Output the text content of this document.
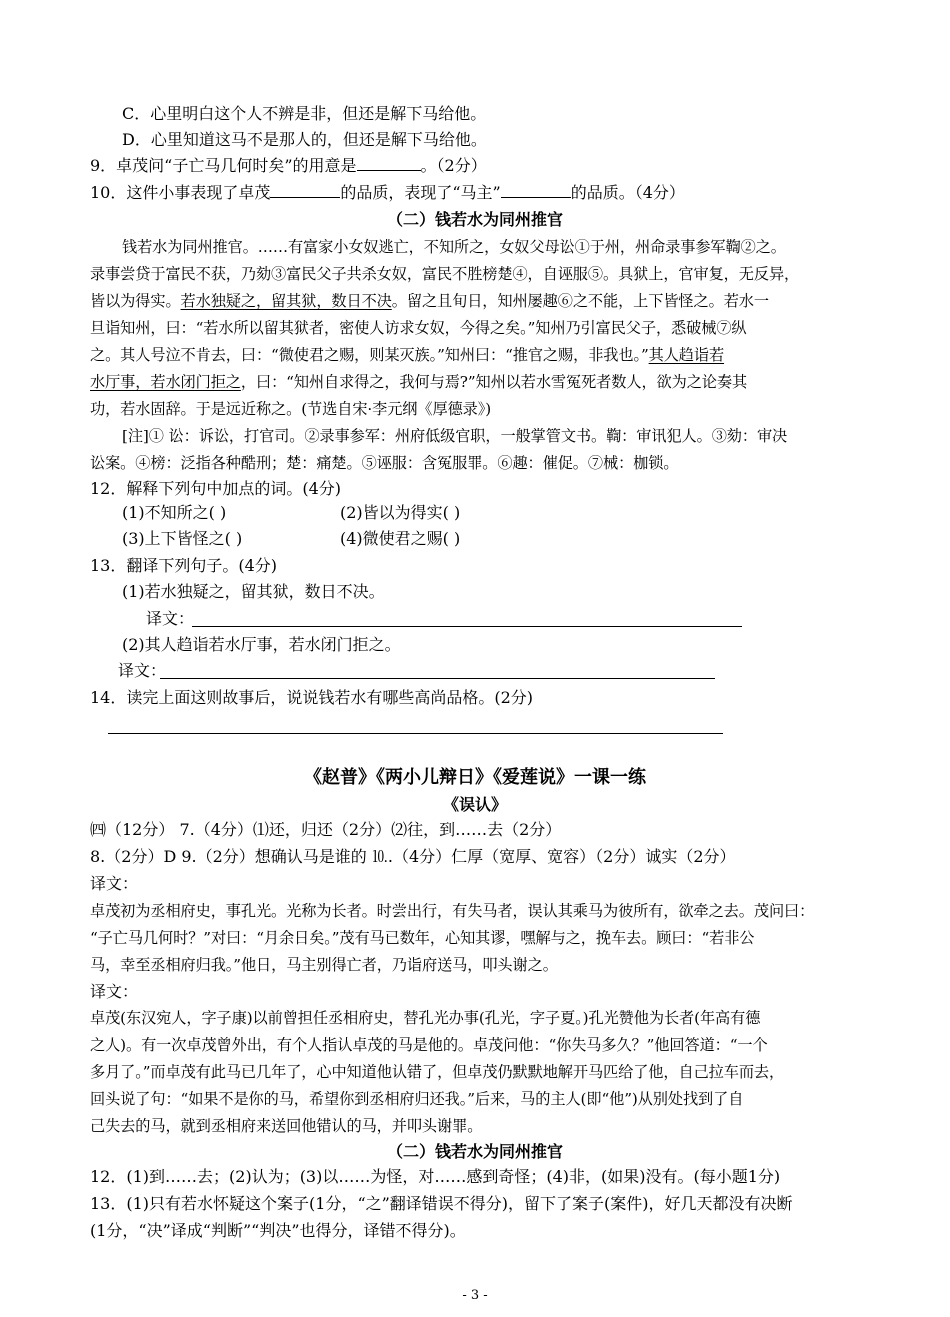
C．心里明白这个人不辨是非，但还是解下马给他。
D．心里知道这马不是那人的，但还是解下马给他。
9．卓茂问“子亡马几何时矣”的用意是	。（2分）
10．这件小事表现了卓茂	的品质，表现了“马主”	的品质。（4分）
（二）钱若水为同州推官
钱若水为同州推官。……有富家小女奴逃亡，不知所之，女奴父母讼①于州，州命录事参军鞫②之。
录事尝贷于富民不获，乃劾③富民父子共杀女奴，富民不胜榜楚④，自诬服⑤。具狱上，官审复，无反异，
皆以为得实。若水独疑之，留其狱，数日不决。留之且旬日，知州屡趣⑥之不能，上下皆怪之。若水一
旦诣知州，曰：“若水所以留其狱者，密使人访求女奴，今得之矣。”知州乃引富民父子，悉破械⑦纵
之。其人号泣不肯去，曰：“微使君之赐，则某灭族。”知州曰：“推官之赐，非我也。”其人趋诣若
水厅事，若水闭门拒之，曰：“知州自求得之，我何与焉?”知州以若水雪冤死者数人，欲为之论奏其
功，若水固辞。于是远近称之。(节选自宋·李元纲《厚德录》)
[注]① 讼：诉讼，打官司。②录事参军：州府低级官职，一般掌管文书。鞫：审讯犯人。③劾：审决
讼案。④榜：泛指各种酷刑；楚：痛楚。⑤诬服：含冤服罪。⑥趣：催促。⑦械：枷锁。
12．解释下列句中加点的词。(4分)
(1)不知所之( )	(2)皆以为得实( )
(3)上下皆怪之( )	(4)微使君之赐( )
13．翻译下列句子。(4分)
(1)若水独疑之，留其狱，数日不决。
译文：
(2)其人趋诣若水厅事，若水闭门拒之。
译文：
14．读完上面这则故事后，说说钱若水有哪些高尚品格。(2分)
《赵普》《两小儿辩日》《爱莲说》一课一练
《误认》
㈣（12分） 7.（4分）⑴还，归还（2分）⑵往，到……去（2分）
8.（2分）D 9.（2分）想确认马是谁的 ⒑.（4分）仁厚（宽厚、宽容）（2分）诚实（2分）
译文：
卓茂初为丞相府史，事孔光。光称为长者。时尝出行，有失马者，误认其乘马为彼所有，欲牵之去。茂问曰：
“子亡马几何时？”对曰：“月余日矣。”茂有马已数年，心知其谬，嘿解与之，挽车去。顾曰：“若非公
马，幸至丞相府归我。”他日，马主别得亡者，乃诣府送马，叩头谢之。
译文：
卓茂(东汉宛人，字子康)以前曾担任丞相府史，替孔光办事(孔光，字子夏。)孔光赞他为长者(年高有德
之人)。有一次卓茂曾外出，有个人指认卓茂的马是他的。卓茂问他：“你失马多久？”他回答道：“一个
多月了。”而卓茂有此马已几年了，心中知道他认错了，但卓茂仍默默地解开马匹给了他，自己拉车而去，
回头说了句：“如果不是你的马，希望你到丞相府归还我。”后来，马的主人(即“他”)从别处找到了自
己失去的马，就到丞相府来送回他错认的马，并叩头谢罪。
（二）钱若水为同州推官
12．(1)到……去；(2)认为；(3)以……为怪，对……感到奇怪；(4)非，(如果)没有。(每小题1分)
13．(1)只有若水怀疑这个案子(1分，“之”翻译错误不得分)，留下了案子(案件)，好几天都没有决断
(1分，“决”译成“判断”“判决”也得分，译错不得分)。
- 3 -
